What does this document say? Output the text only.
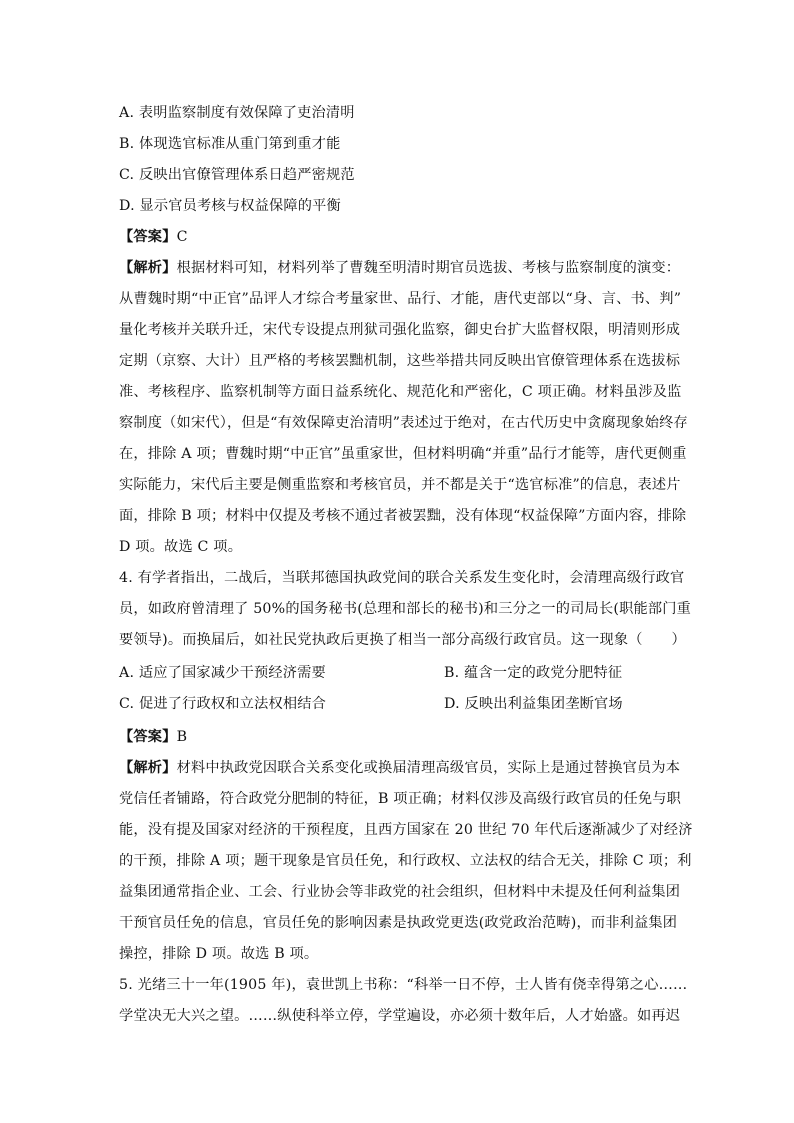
A. 表明监察制度有效保障了吏治清明
B. 体现选官标准从重门第到重才能
C. 反映出官僚管理体系日趋严密规范
D. 显示官员考核与权益保障的平衡
【答案】C
【解析】根据材料可知，材料列举了曹魏至明清时期官员选拔、考核与监察制度的演变：
从曹魏时期“中正官”品评人才综合考量家世、品行、才能，唐代吏部以“身、言、书、判”
量化考核并关联升迁，宋代专设提点刑狱司强化监察，御史台扩大监督权限，明清则形成
定期（京察、大计）且严格的考核罢黜机制，这些举措共同反映出官僚管理体系在选拔标
准、考核程序、监察机制等方面日益系统化、规范化和严密化，C 项正确。材料虽涉及监
察制度（如宋代），但是“有效保障吏治清明”表述过于绝对，在古代历史中贪腐现象始终存
在，排除 A 项；曹魏时期“中正官”虽重家世，但材料明确“并重”品行才能等，唐代更侧重
实际能力，宋代后主要是侧重监察和考核官员，并不都是关于“选官标准”的信息，表述片
面，排除 B 项；材料中仅提及考核不通过者被罢黜，没有体现“权益保障”方面内容，排除
D 项。故选 C 项。
4. 有学者指出，二战后，当联邦德国执政党间的联合关系发生变化时，会清理高级行政官
员，如政府曾清理了 50%的国务秘书(总理和部长的秘书)和三分之一的司局长(职能部门重
要领导)。而换届后，如社民党执政后更换了相当一部分高级行政官员。这一现象（　　）
A. 适应了国家减少干预经济需要	B. 蕴含一定的政党分肥特征
C. 促进了行政权和立法权相结合	D. 反映出利益集团垄断官场
【答案】B
【解析】材料中执政党因联合关系变化或换届清理高级官员，实际上是通过替换官员为本
党信任者铺路，符合政党分肥制的特征，B 项正确；材料仅涉及高级行政官员的任免与职
能，没有提及国家对经济的干预程度，且西方国家在 20 世纪 70 年代后逐渐减少了对经济
的干预，排除 A 项；题干现象是官员任免，和行政权、立法权的结合无关，排除 C 项；利
益集团通常指企业、工会、行业协会等非政党的社会组织，但材料中未提及任何利益集团
干预官员任免的信息，官员任免的影响因素是执政党更迭(政党政治范畴)，而非利益集团
操控，排除 D 项。故选 B 项。
5. 光绪三十一年(1905 年)，袁世凯上书称：“科举一日不停，士人皆有侥幸得第之心……
学堂决无大兴之望。……纵使科举立停，学堂遍设，亦必须十数年后，人才始盛。如再迟
